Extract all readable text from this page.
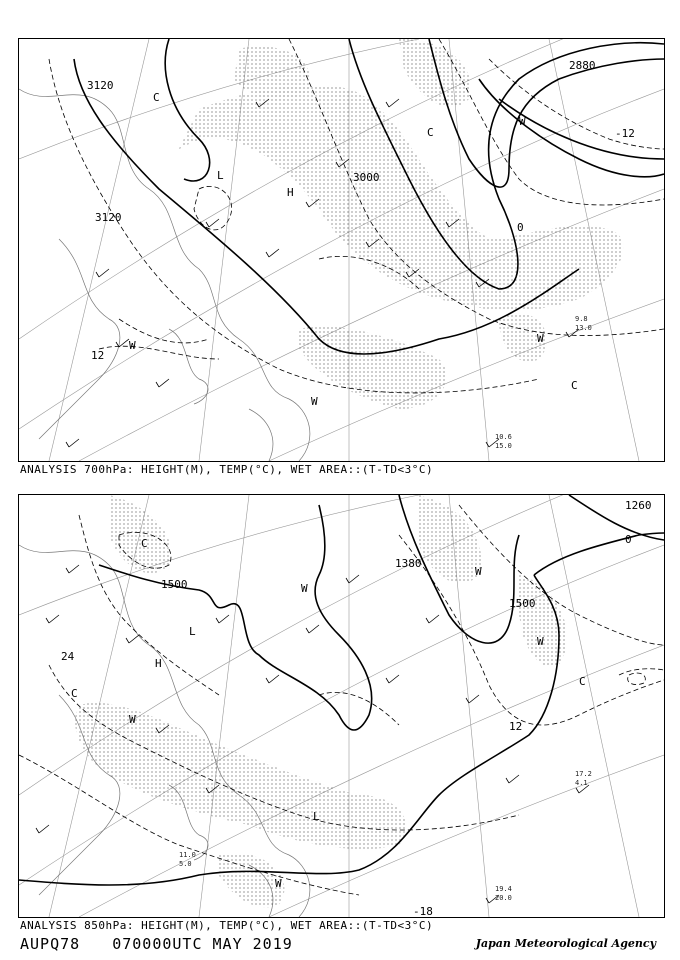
10.6
15.0
9.8
13.0
3120
3120
3000
2880
12
0
-12
L
H
C
C
C
W
W
W
W
ANALYSIS 700hPa: HEIGHT(M), TEMP(°C), WET AREA::(T-TD<3°C)
17.2
4.1
19.4
20.0
11.0
5.0
1500
1500
1380
1260
24
12
0
-18
L
L
H
C
C
C
W
W
W
W
W
ANALYSIS 850hPa: HEIGHT(M), TEMP(°C), WET AREA::(T-TD<3°C)
AUPQ78 070000UTC MAY 2019	Japan Meteorological Agency
